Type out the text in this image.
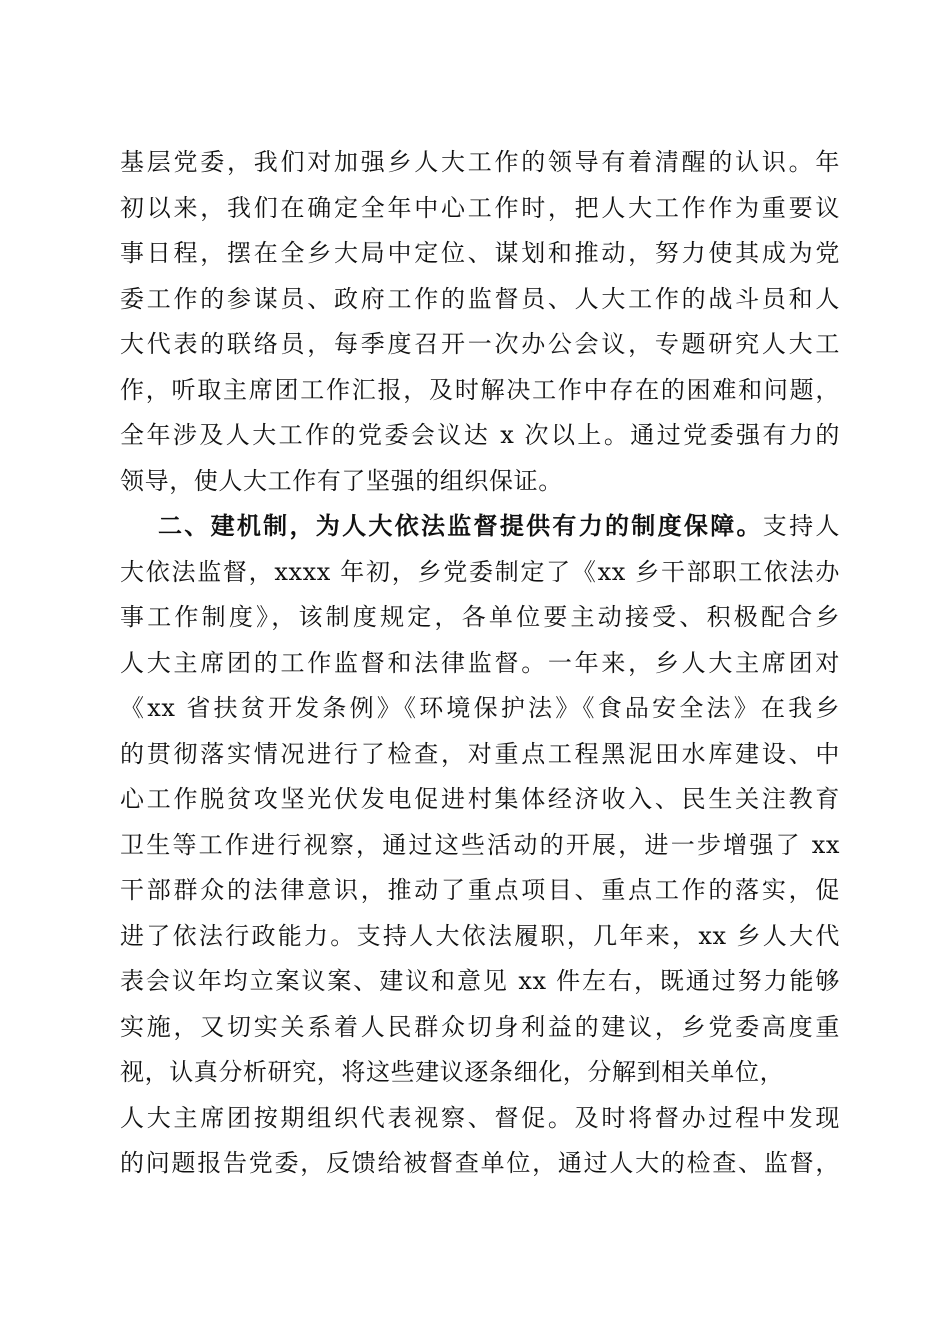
基层党委，我们对加强乡人大工作的领导有着清醒的认识。年
初以来，我们在确定全年中心工作时，把人大工作作为重要议
事日程，摆在全乡大局中定位、谋划和推动，努力使其成为党
委工作的参谋员、政府工作的监督员、人大工作的战斗员和人
大代表的联络员，每季度召开一次办公会议，专题研究人大工
作，听取主席团工作汇报，及时解决工作中存在的困难和问题，
全年涉及人大工作的党委会议达 x 次以上。通过党委强有力的
领导，使人大工作有了坚强的组织保证。
二、建机制，为人大依法监督提供有力的制度保障。支持人
大依法监督，xxxx 年初，乡党委制定了《xx 乡干部职工依法办
事工作制度》，该制度规定，各单位要主动接受、积极配合乡
人大主席团的工作监督和法律监督。一年来，乡人大主席团对
《xx 省扶贫开发条例》《环境保护法》《食品安全法》在我乡
的贯彻落实情况进行了检查，对重点工程黑泥田水库建设、中
心工作脱贫攻坚光伏发电促进村集体经济收入、民生关注教育
卫生等工作进行视察，通过这些活动的开展，进一步增强了 xx
干部群众的法律意识，推动了重点项目、重点工作的落实，促
进了依法行政能力。支持人大依法履职，几年来，xx 乡人大代
表会议年均立案议案、建议和意见 xx 件左右，既通过努力能够
实施，又切实关系着人民群众切身利益的建议，乡党委高度重
视，认真分析研究，将这些建议逐条细化，分解到相关单位，
人大主席团按期组织代表视察、督促。及时将督办过程中发现
的问题报告党委，反馈给被督查单位，通过人大的检查、监督，
